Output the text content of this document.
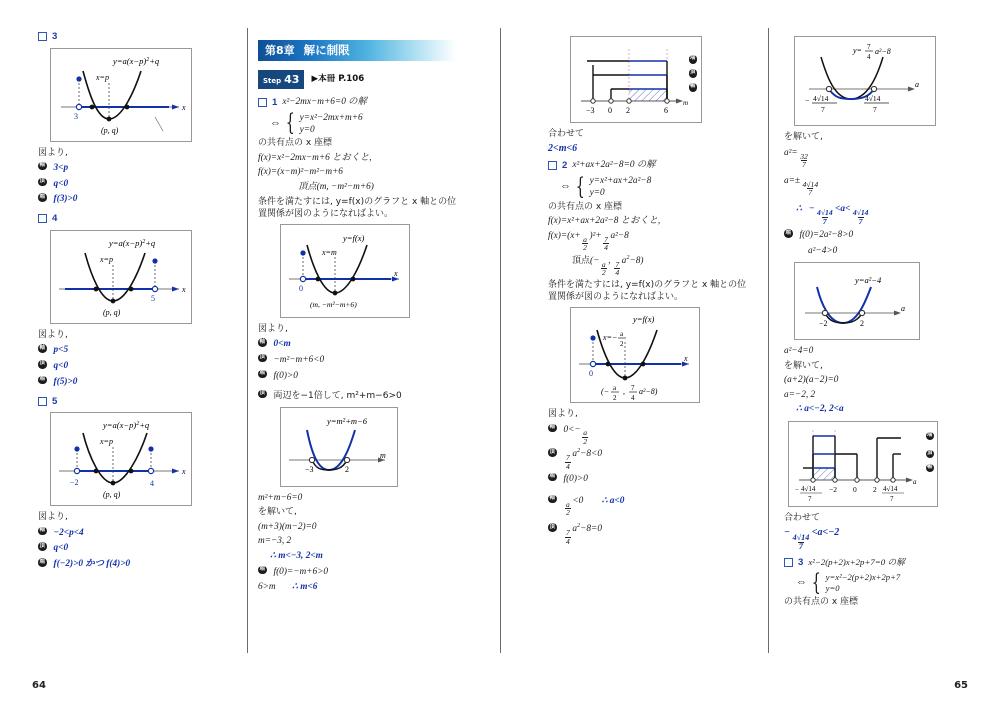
3
$y=a(x-p)^2+q$
x
3
x=p
(p, q)
図より,
軸 3<p
頂 q<0
端 f(3)>0
4
$y=a(x-p)^2+q$
x
5
x=p
(p, q)
図より,
軸 p<5
頂 q<0
端 f(5)>0
5
$y=a(x-p)^2+q$
x
−2	4
x=p
(p, q)
図より,
軸 −2<p<4
頂 q<0
端 f(−2)>0 かつ f(4)>0
第8章 解に制限
Step 43 ▶本冊 P.106
1 x²−2mx−m+6=0 の解
⇔ { y=x²−2mx+m+6
y=0
の共有点の x 座標
f(x)=x²−2mx−m+6 とおくと,
f(x)=(x−m)²−m²−m+6
頂点(m, −m²−m+6)
条件を満たすには, y=f(x)のグラフと x 軸との位置関係が図のようになればよい。
y=f(x)
x
0
x=m
(m, −m²−m+6)
図より,
軸 0<m
頂 −m²−m+6<0
端 f(0)>0
頂 両辺を−1倍して, m²+m−6>0
y=m²+m−6
m
−3	2
m²+m−6=0
を解いて,
(m+3)(m−2)=0
m=−3, 2
∴ m<−3, 2<m
端 f(0)=−m+6>0
6>m ∴ m<6
m
−3 0 2	6
端
頂
軸
合わせて
2<m<6
2 x²+ax+2a²−8=0 の解
⇔ { y=x²+ax+2a²−8
y=0
の共有点の x 座標
f(x)=x²+ax+2a²−8 とおくと,
$f(x)=(x+ \frac{a}{2} )^2+ \frac{7}{4} a^2-8$
頂点(− $\frac{a}{2}$ , $\frac{7}{4} a^2-8$)
条件を満たすには, y=f(x)のグラフと x 軸との位置関係が図のようになればよい。
y=f(x)
x
0
x=− a
2
(− a
2
, 7
4
a²−8)
図より,
軸 $0<- \frac{a}{2}$
頂
$\frac{7}{4} a^2-8<0$
端 f(0)>0
軸
$\frac{a}{2} <0$ ∴ a<0
頂
$\frac{7}{4} a^2-8=0$
y= 7
4
a²−8
a
− 4√14
7
4√14
7
を解いて,
$a^2= \frac{32}{7}$
$a=\pm \frac{4√14}{7}$
∴   − $\frac{4√14}{7} <a< \frac{4√14}{7}$
端 f(0)=2a²−8>0
a²−4>0
y=a²−4
a
−2	2
a²−4=0
を解いて,
(a+2)(a−2)=0
a=−2, 2
∴ a<−2, 2<a
a
− 4√14
7
−2 0 2 4√14
7
端
頂
軸
合わせて
−
$\frac{4√14}{7}$
<a<−2
3 x²−2(p+2)x+2p+7=0 の解
⇔ { y=x²−2(p+2)x+2p+7
y=0
の共有点の x 座標
64	65
